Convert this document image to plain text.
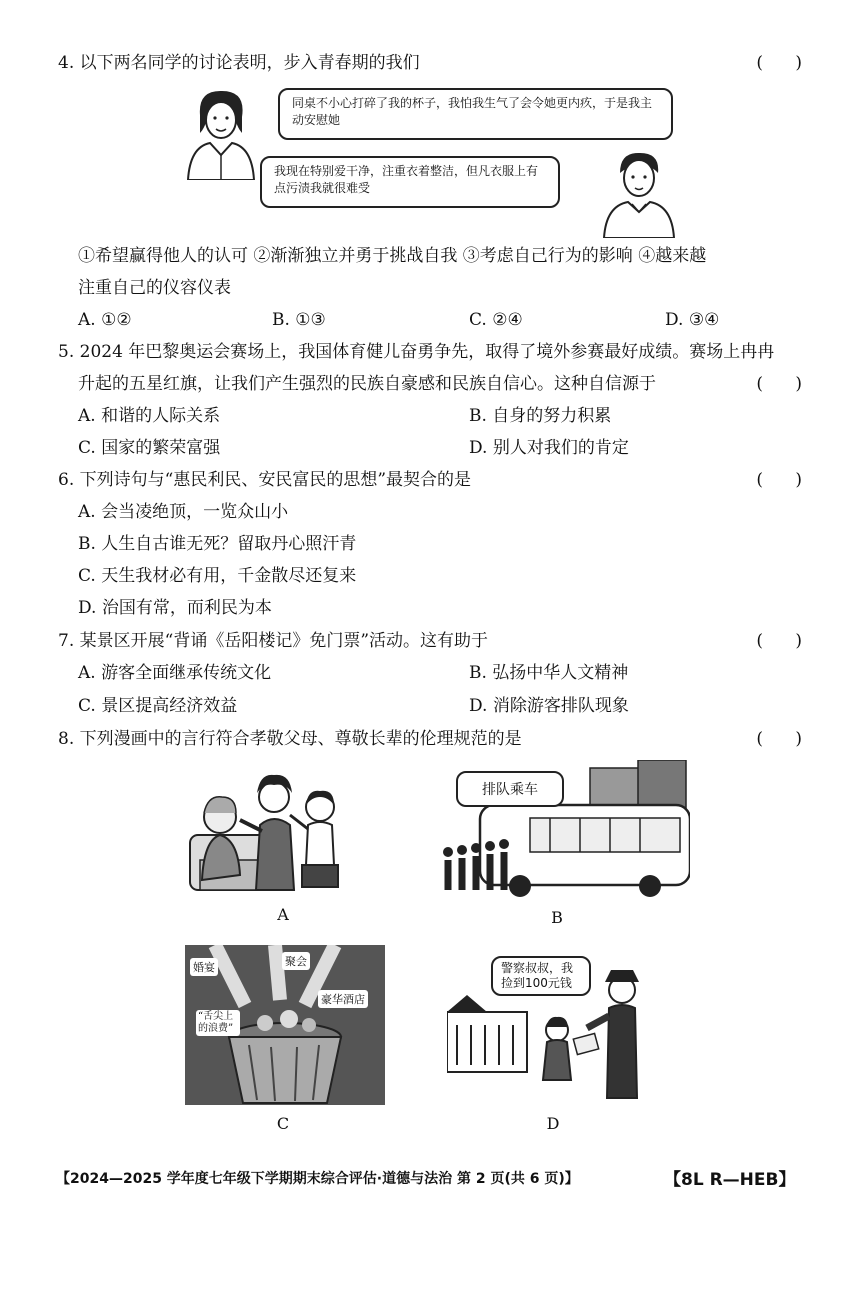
4. 以下两名同学的讨论表明，步入青春期的我们	(      )
同桌不小心打碎了我的杯子，我怕我生气了会令她更内疚，于是我主动安慰她
我现在特别爱干净，注重衣着整洁，但凡衣服上有点污渍我就很难受
①希望赢得他人的认可 ②渐渐独立并勇于挑战自我 ③考虑自己行为的影响 ④越来越
注重自己的仪容仪表
A. ①②	B. ①③	C. ②④	D. ③④
5. 2024 年巴黎奥运会赛场上，我国体育健儿奋勇争先，取得了境外参赛最好成绩。赛场上冉冉
升起的五星红旗，让我们产生强烈的民族自豪感和民族自信心。这种自信源于	(      )
A. 和谐的人际关系	B. 自身的努力积累
C. 国家的繁荣富强	D. 别人对我们的肯定
6. 下列诗句与“惠民利民、安民富民的思想”最契合的是	(      )
A. 会当凌绝顶，一览众山小
B. 人生自古谁无死？留取丹心照汗青
C. 天生我材必有用，千金散尽还复来
D. 治国有常，而利民为本
7. 某景区开展“背诵《岳阳楼记》免门票”活动。这有助于	(      )
A. 游客全面继承传统文化	B. 弘扬中华人文精神
C. 景区提高经济效益	D. 消除游客排队现象
8. 下列漫画中的言行符合孝敬父母、尊敬长辈的伦理规范的是	(      )
A
排队乘车
B
“舌尖上的浪费”
豪华酒店
婚宴	聚会
C
警察叔叔，我捡到100元钱
D
【2024—2025 学年度七年级下学期期末综合评估·道德与法治 第 2 页(共 6 页)】	【8L R—HEB】
